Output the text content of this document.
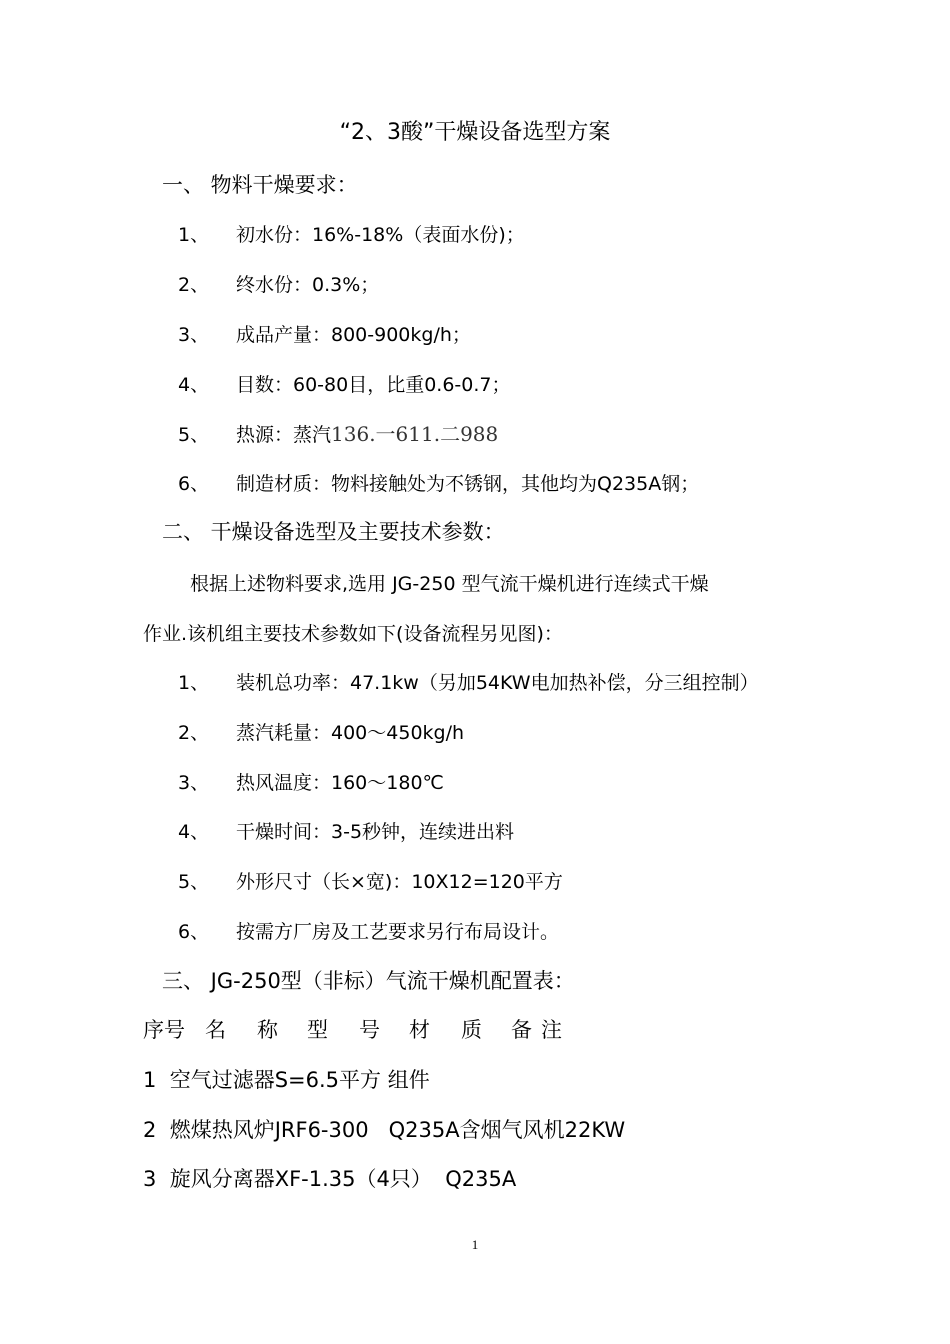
“2、3酸”干燥设备选型方案
一、 物料干燥要求：
1、 初水份：16%-18%（表面水份)；
2、 终水份：0.3%；
3、 成品产量：800-900kg/h；
4、 目数：60-80目，比重0.6-0.7；
5、 热源：蒸汽136.一611.二988
6、 制造材质：物料接触处为不锈钢，其他均为Q235A钢；
二、 干燥设备选型及主要技术参数：
根据上述物料要求,选用 JG-250 型气流干燥机进行连续式干燥
作业.该机组主要技术参数如下(设备流程另见图)：
1、 装机总功率：47.1kw（另加54KW电加热补偿，分三组控制）
2、 蒸汽耗量：400～450kg/h
3、 热风温度：160～180℃
4、 干燥时间：3-5秒钟，连续进出料
5、 外形尺寸（长×宽)：10X12=120平方
6、 按需方厂房及工艺要求另行布局设计。
三、 JG-250型（非标）气流干燥机配置表：
序号 名 称 型 号 材 质 备 注
1  空气过滤器S=6.5平方 组件
2  燃煤热风炉JRF6-300   Q235A含烟气风机22KW
3  旋风分离器XF-1.35（4只）  Q235A
1
